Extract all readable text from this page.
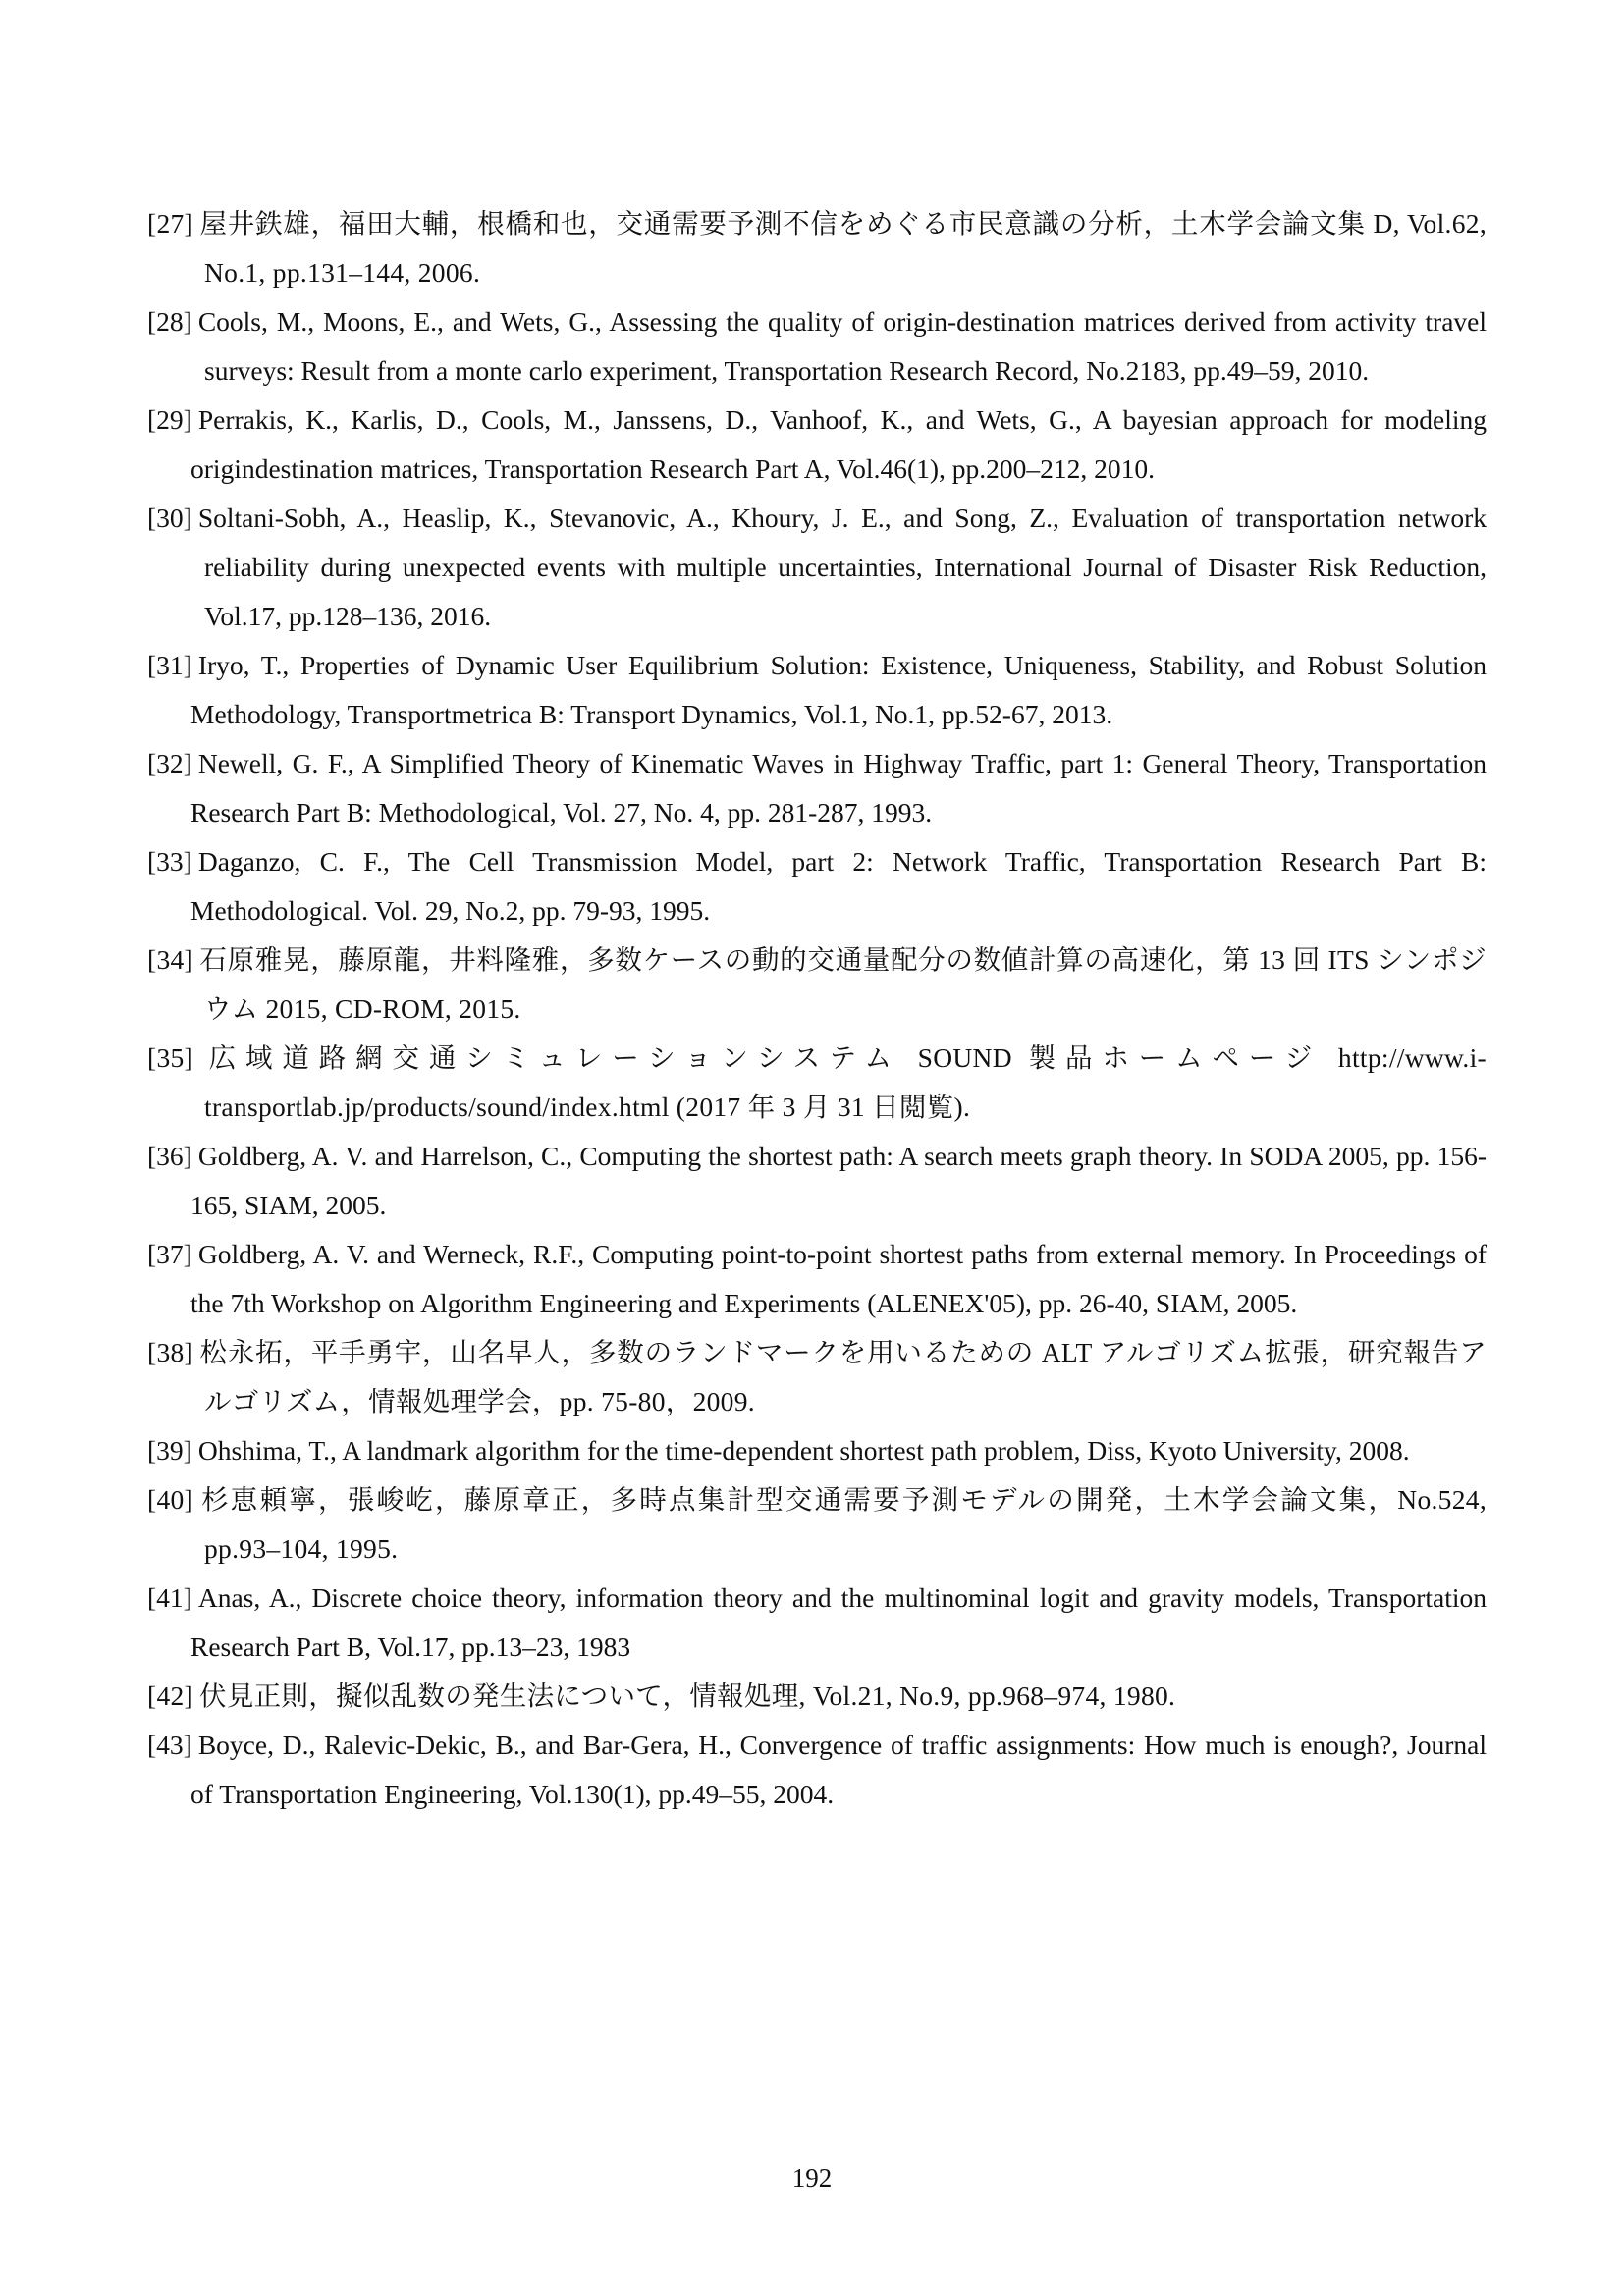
[27] 屋井鉄雄，福田大輔，根橋和也，交通需要予測不信をめぐる市民意識の分析，土木学会論文集 D, Vol.62, No.1, pp.131–144, 2006.
[28] Cools, M., Moons, E., and Wets, G., Assessing the quality of origin-destination matrices derived from activity travel surveys: Result from a monte carlo experiment, Transportation Research Record, No.2183, pp.49–59, 2010.
[29] Perrakis, K., Karlis, D., Cools, M., Janssens, D., Vanhoof, K., and Wets, G., A bayesian approach for modeling origindestination matrices, Transportation Research Part A, Vol.46(1), pp.200–212, 2010.
[30] Soltani-Sobh, A., Heaslip, K., Stevanovic, A., Khoury, J. E., and Song, Z., Evaluation of transportation network reliability during unexpected events with multiple uncertainties, International Journal of Disaster Risk Reduction, Vol.17, pp.128–136, 2016.
[31] Iryo, T., Properties of Dynamic User Equilibrium Solution: Existence, Uniqueness, Stability, and Robust Solution Methodology, Transportmetrica B: Transport Dynamics, Vol.1, No.1, pp.52-67, 2013.
[32] Newell, G. F., A Simplified Theory of Kinematic Waves in Highway Traffic, part 1: General Theory, Transportation Research Part B: Methodological, Vol. 27, No. 4, pp. 281-287, 1993.
[33] Daganzo, C. F., The Cell Transmission Model, part 2: Network Traffic, Transportation Research Part B: Methodological. Vol. 29, No.2, pp. 79-93, 1995.
[34] 石原雅晃，藤原龍，井料隆雅，多数ケースの動的交通量配分の数値計算の高速化，第 13 回 ITS シンポジウム 2015, CD-ROM, 2015.
[35] 広域道路網交通シミュレーションシステム SOUND 製品ホームページ http://www.i-transportlab.jp/products/sound/index.html (2017 年 3 月 31 日閲覧).
[36] Goldberg, A. V. and Harrelson, C., Computing the shortest path: A search meets graph theory. In SODA 2005, pp. 156-165, SIAM, 2005.
[37] Goldberg, A. V. and Werneck, R.F., Computing point-to-point shortest paths from external memory. In Proceedings of the 7th Workshop on Algorithm Engineering and Experiments (ALENEX'05), pp. 26-40, SIAM, 2005.
[38] 松永拓，平手勇宇，山名早人，多数のランドマークを用いるための ALT アルゴリズム拡張，研究報告アルゴリズム，情報処理学会，pp. 75-80，2009.
[39] Ohshima, T., A landmark algorithm for the time-dependent shortest path problem, Diss, Kyoto University, 2008.
[40] 杉恵頼寧，張峻屹，藤原章正，多時点集計型交通需要予測モデルの開発，土木学会論文集，No.524, pp.93–104, 1995.
[41] Anas, A., Discrete choice theory, information theory and the multinominal logit and gravity models, Transportation Research Part B, Vol.17, pp.13–23, 1983
[42] 伏見正則，擬似乱数の発生法について，情報処理, Vol.21, No.9, pp.968–974, 1980.
[43] Boyce, D., Ralevic-Dekic, B., and Bar-Gera, H., Convergence of traffic assignments: How much is enough?, Journal of Transportation Engineering, Vol.130(1), pp.49–55, 2004.
192
